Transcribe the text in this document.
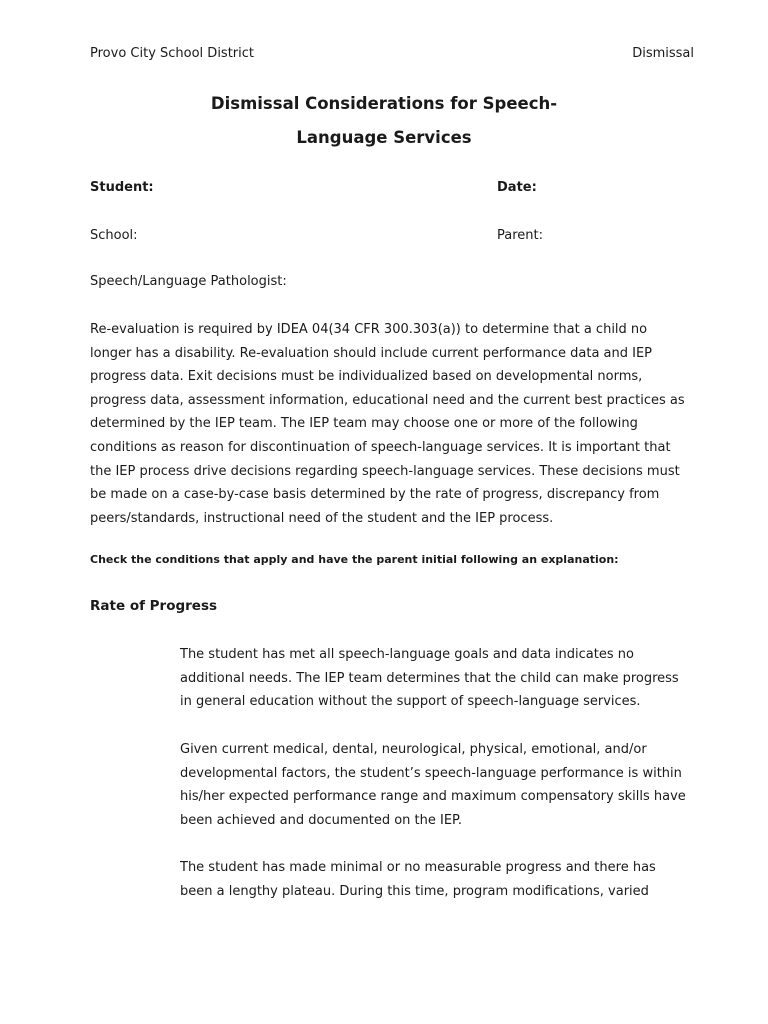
Provo City School District	Dismissal
Dismissal Considerations for Speech-
Language Services
Student:	Date:
School:	Parent:
Speech/Language Pathologist:

Re-evaluation is required by IDEA 04(34 CFR 300.303(a)) to determine that a child no longer has a disability. Re-evaluation should include current performance data and IEP progress data. Exit decisions must be individualized based on developmental norms, progress data, assessment information, educational need and the current best practices as determined by the IEP team. The IEP team may choose one or more of the following conditions as reason for discontinuation of speech-language services. It is important that the IEP process drive decisions regarding speech-language services. These decisions must be made on a case-by-case basis determined by the rate of progress, discrepancy from peers/standards, instructional need of the student and the IEP process.

Check the conditions that apply and have the parent initial following an explanation:
Rate of Progress

The student has met all speech-language goals and data indicates no additional needs. The IEP team determines that the child can make progress in general education without the support of speech-language services.

Given current medical, dental, neurological, physical, emotional, and/or developmental factors, the student’s speech-language performance is within his/her expected performance range and maximum compensatory skills have been achieved and documented on the IEP.

The student has made minimal or no measurable progress and there has been a lengthy plateau. During this time, program modifications, varied
